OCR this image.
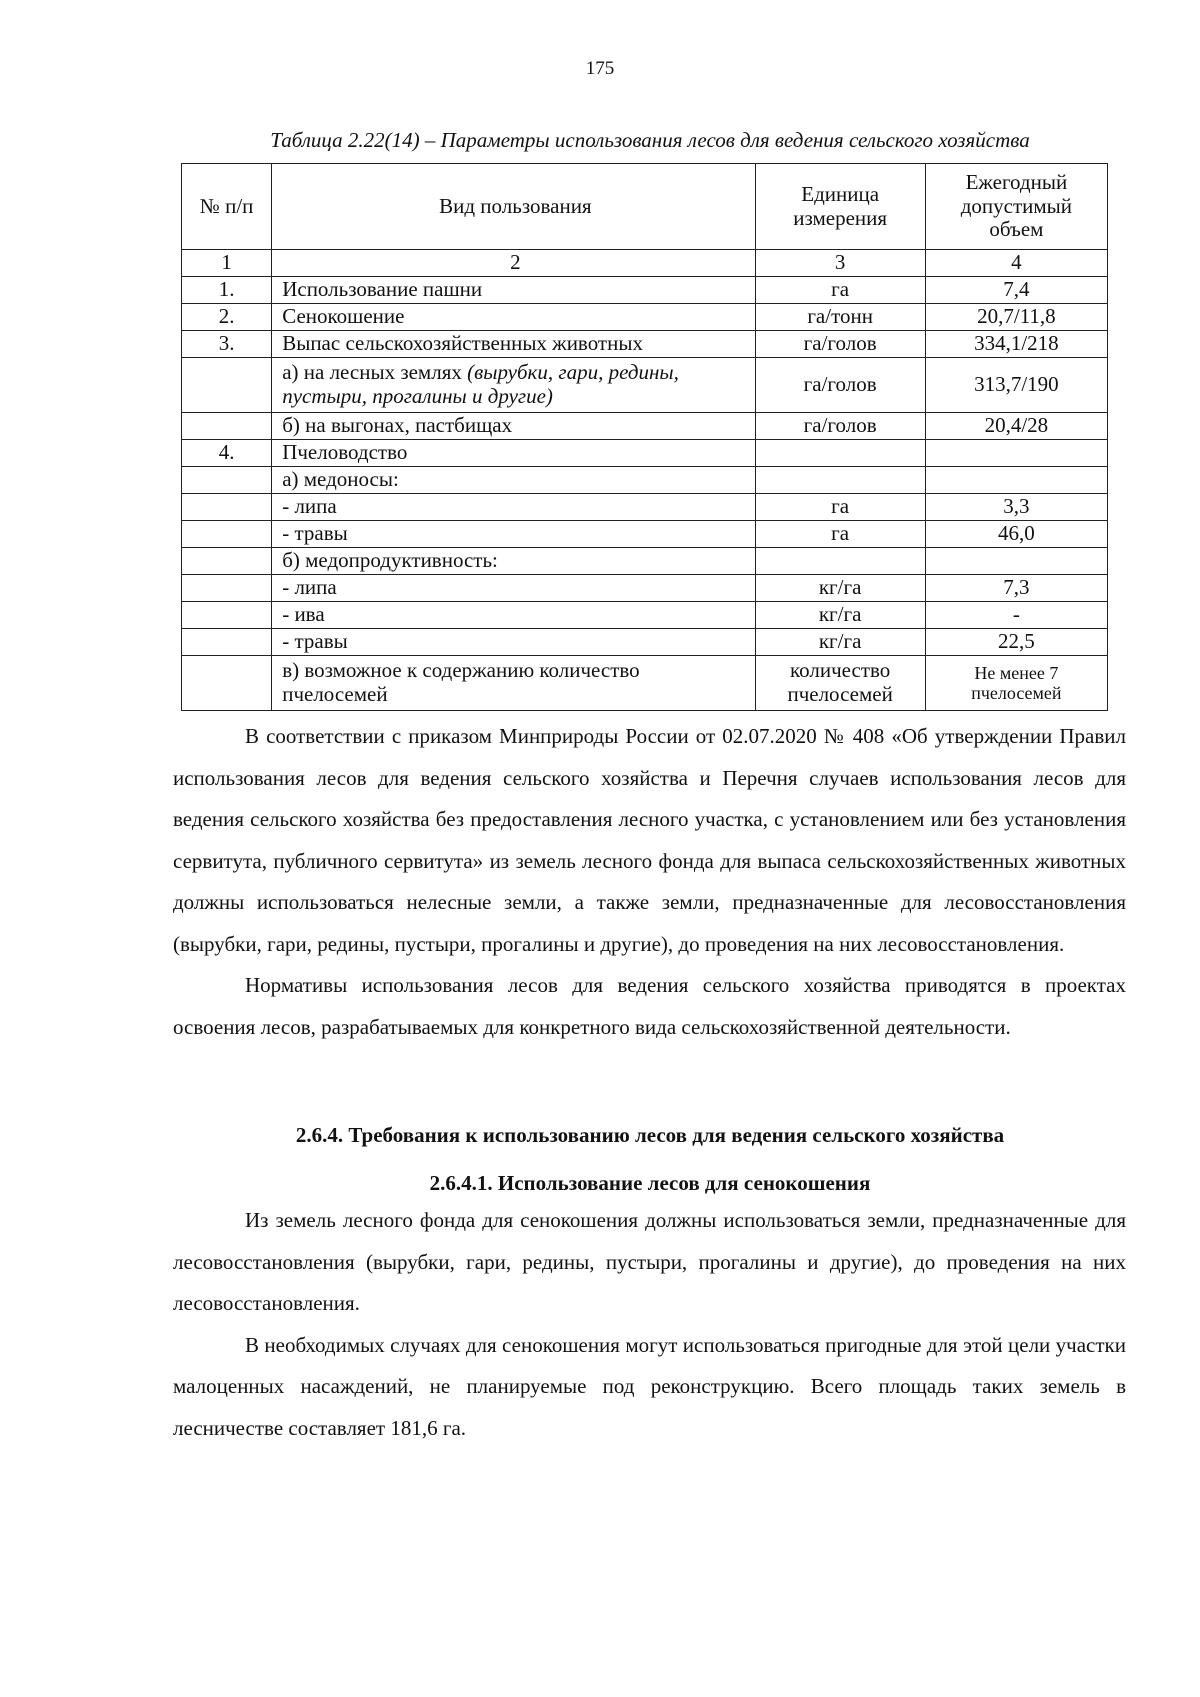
175
Таблица 2.22(14) – Параметры использования лесов для ведения сельского хозяйства
№ п/п	Вид пользования	Единица измерения	Ежегодный допустимый объем
1	2	3	4
1.	Использование пашни	га	7,4
2.	Сенокошение	га/тонн	20,7/11,8
3.	Выпас сельскохозяйственных животных	га/голов	334,1/218
	а) на лесных землях (вырубки, гари, редины, пустыри, прогалины и другие)	га/голов	313,7/190
	б) на выгонах, пастбищах	га/голов	20,4/28
4.	Пчеловодство		
	а) медоносы:		
	- липа	га	3,3
	- травы	га	46,0
	б) медопродуктивность:		
	- липа	кг/га	7,3
	- ива	кг/га	-
	- травы	кг/га	22,5
	в) возможное к содержанию количество пчелосемей	количество пчелосемей	Не менее 7 пчелосемей

В соответствии с приказом Минприроды России от 02.07.2020 № 408 «Об утверждении Правил использования лесов для ведения сельского хозяйства и Перечня случаев использования лесов для ведения сельского хозяйства без предоставления лесного участка, с установлением или без установления сервитута, публичного сервитута» из земель лесного фонда для выпаса сельскохозяйственных животных должны использоваться нелесные земли, а также земли, предназначенные для лесовосстановления (вырубки, гари, редины, пустыри, прогалины и другие), до проведения на них лесовосстановления.

Нормативы использования лесов для ведения сельского хозяйства приводятся в проектах освоения лесов, разрабатываемых для конкретного вида сельскохозяйственной деятельности.

2.6.4. Требования к использованию лесов для ведения сельского хозяйства
2.6.4.1. Использование лесов для сенокошения

Из земель лесного фонда для сенокошения должны использоваться земли, предназначенные для лесовосстановления (вырубки, гари, редины, пустыри, прогалины и другие), до проведения на них лесовосстановления.

В необходимых случаях для сенокошения могут использоваться пригодные для этой цели участки малоценных насаждений, не планируемые под реконструкцию. Всего площадь таких земель в лесничестве составляет 181,6 га.
